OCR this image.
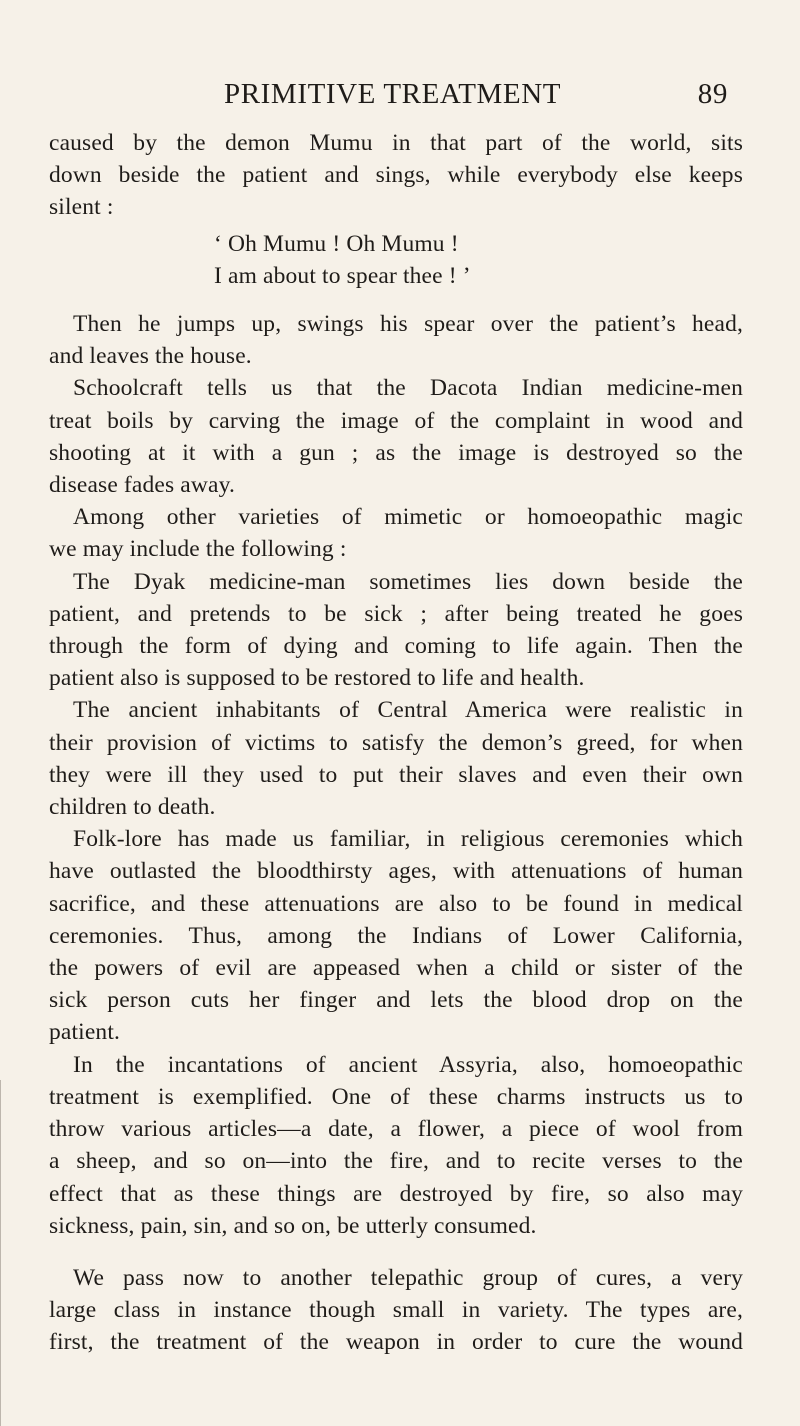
PRIMITIVE TREATMENT	89
caused by the demon Mumu in that part of the world, sits
down beside the patient and sings, while everybody else keeps
silent :
‘ Oh Mumu ! Oh Mumu !
I am about to spear thee ! ’
Then he jumps up, swings his spear over the patient’s head,
and leaves the house.
Schoolcraft tells us that the Dacota Indian medicine-men
treat boils by carving the image of the complaint in wood and
shooting at it with a gun ; as the image is destroyed so the
disease fades away.
Among other varieties of mimetic or homoeopathic magic
we may include the following :
The Dyak medicine-man sometimes lies down beside the
patient, and pretends to be sick ; after being treated he goes
through the form of dying and coming to life again. Then the
patient also is supposed to be restored to life and health.
The ancient inhabitants of Central America were realistic in
their provision of victims to satisfy the demon’s greed, for when
they were ill they used to put their slaves and even their own
children to death.
Folk-lore has made us familiar, in religious ceremonies which
have outlasted the bloodthirsty ages, with attenuations of human
sacrifice, and these attenuations are also to be found in medical
ceremonies. Thus, among the Indians of Lower California,
the powers of evil are appeased when a child or sister of the
sick person cuts her finger and lets the blood drop on the
patient.
In the incantations of ancient Assyria, also, homoeopathic
treatment is exemplified. One of these charms instructs us to
throw various articles—a date, a flower, a piece of wool from
a sheep, and so on—into the fire, and to recite verses to the
effect that as these things are destroyed by fire, so also may
sickness, pain, sin, and so on, be utterly consumed.
We pass now to another telepathic group of cures, a very
large class in instance though small in variety. The types are,
first, the treatment of the weapon in order to cure the wound
